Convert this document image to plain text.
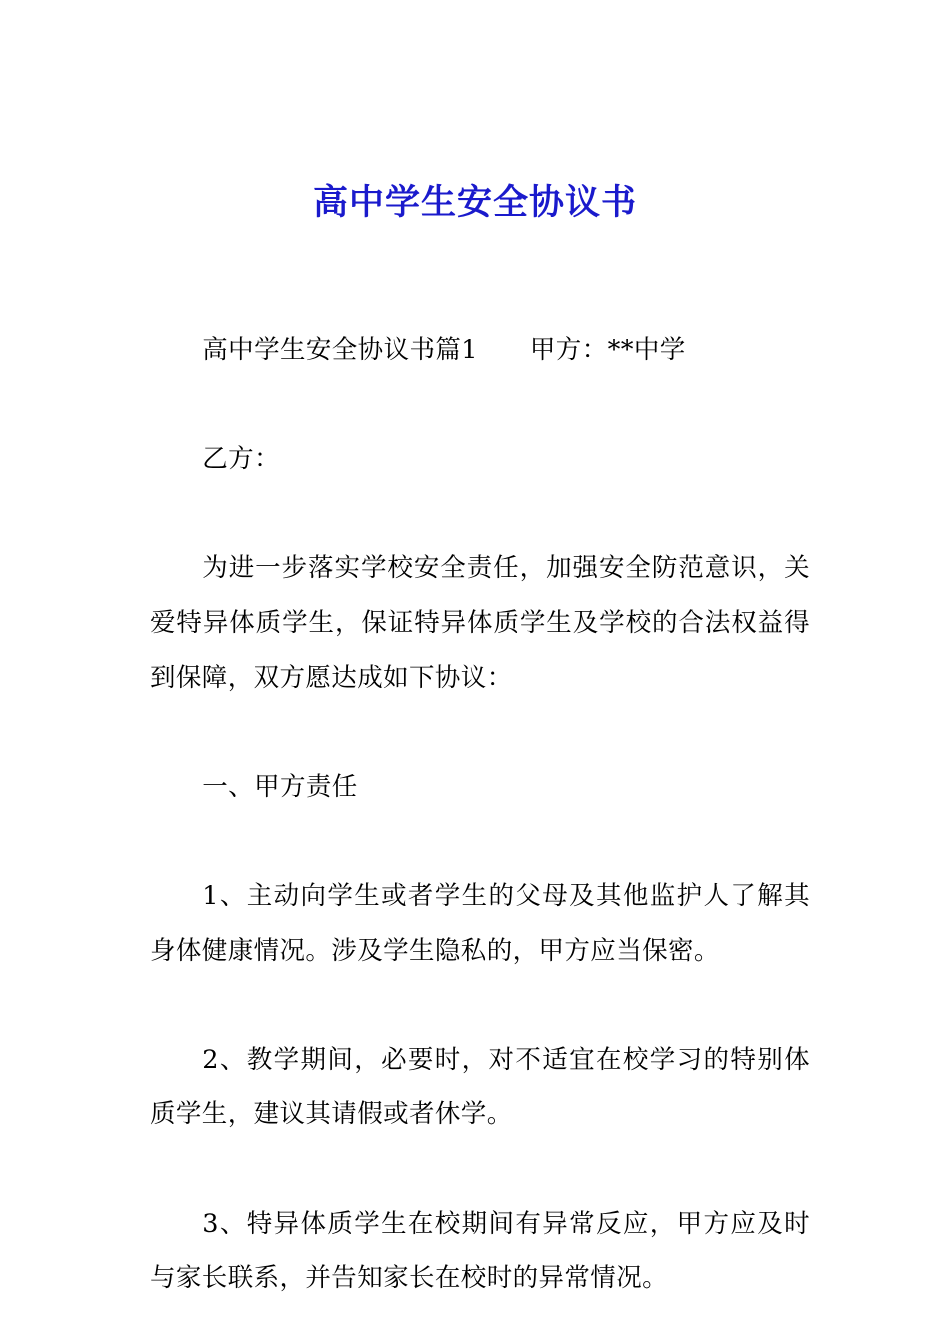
高中学生安全协议书

高中学生安全协议书篇1 甲方：**中学

乙方：

为进一步落实学校安全责任，加强安全防范意识，关爱特异体质学生，保证特异体质学生及学校的合法权益得到保障，双方愿达成如下协议：

一、甲方责任

1、主动向学生或者学生的父母及其他监护人了解其身体健康情况。涉及学生隐私的，甲方应当保密。

2、教学期间，必要时，对不适宜在校学习的特别体质学生，建议其请假或者休学。

3、特异体质学生在校期间有异常反应，甲方应及时与家长联系，并告知家长在校时的异常情况。
